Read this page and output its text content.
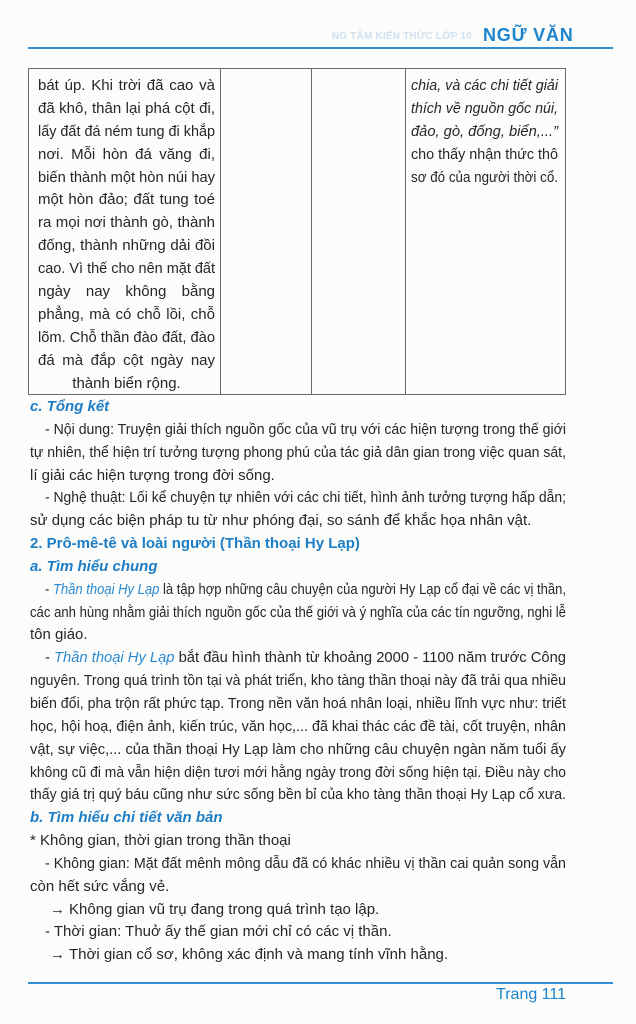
NG TÂM KIẾN THỨC LỚP 10 NGỮ VĂN
bát úp. Khi trời đã cao và
đã khô, thân lại phá cột đi,
lấy đất đá ném tung đi khắp
nơi. Mỗi hòn đá văng đi,
biến thành một hòn núi hay
một hòn đảo; đất tung toé
ra mọi nơi thành gò, thành
đống, thành những dải đồi
cao. Vì thế cho nên mặt đất
ngày nay không bằng
phẳng, mà có chỗ lồi, chỗ
lõm. Chỗ thần đào đất, đào
đá mà đắp cột ngày nay
thành biển rộng.
chia, và các chi tiết giải
thích về nguồn gốc núi,
đảo, gò, đống, biển,...”
cho thấy nhận thức thô
sơ đó của người thời cổ.
c. Tổng kết
- Nội dung: Truyện giải thích nguồn gốc của vũ trụ với các hiện tượng trong thế giới
tự nhiên, thể hiện trí tưởng tượng phong phú của tác giả dân gian trong việc quan sát,
lí giải các hiện tượng trong đời sống.
- Nghệ thuật: Lối kể chuyện tự nhiên với các chi tiết, hình ảnh tưởng tượng hấp dẫn;
sử dụng các biện pháp tu từ như phóng đại, so sánh để khắc họa nhân vật.
2. Prô-mê-tê và loài người (Thần thoại Hy Lạp)
a. Tìm hiểu chung
- Thần thoại Hy Lạp là tập hợp những câu chuyện của người Hy Lạp cổ đại về các vị thần,
các anh hùng nhằm giải thích nguồn gốc của thế giới và ý nghĩa của các tín ngưỡng, nghi lễ
tôn giáo.
- Thần thoại Hy Lạp bắt đầu hình thành từ khoảng 2000 - 1100 năm trước Công
nguyên. Trong quá trình tồn tại và phát triển, kho tàng thần thoại này đã trải qua nhiều
biến đổi, pha trộn rất phức tạp. Trong nền văn hoá nhân loại, nhiều lĩnh vực như: triết
học, hội hoạ, điện ảnh, kiến trúc, văn học,... đã khai thác các đề tài, cốt truyện, nhân
vật, sự việc,... của thần thoại Hy Lạp làm cho những câu chuyện ngàn năm tuổi ấy
không cũ đi mà vẫn hiện diện tươi mới hằng ngày trong đời sống hiện tại. Điều này cho
thấy giá trị quý báu cũng như sức sống bền bỉ của kho tàng thần thoại Hy Lạp cổ xưa.
b. Tìm hiểu chi tiết văn bản
* Không gian, thời gian trong thần thoại
- Không gian: Mặt đất mênh mông dẫu đã có khác nhiều vị thần cai quản song vẫn
còn hết sức vắng vẻ.
→ Không gian vũ trụ đang trong quá trình tạo lập.
- Thời gian: Thuở ấy thế gian mới chỉ có các vị thần.
→ Thời gian cổ sơ, không xác định và mang tính vĩnh hằng.
Trang 111
